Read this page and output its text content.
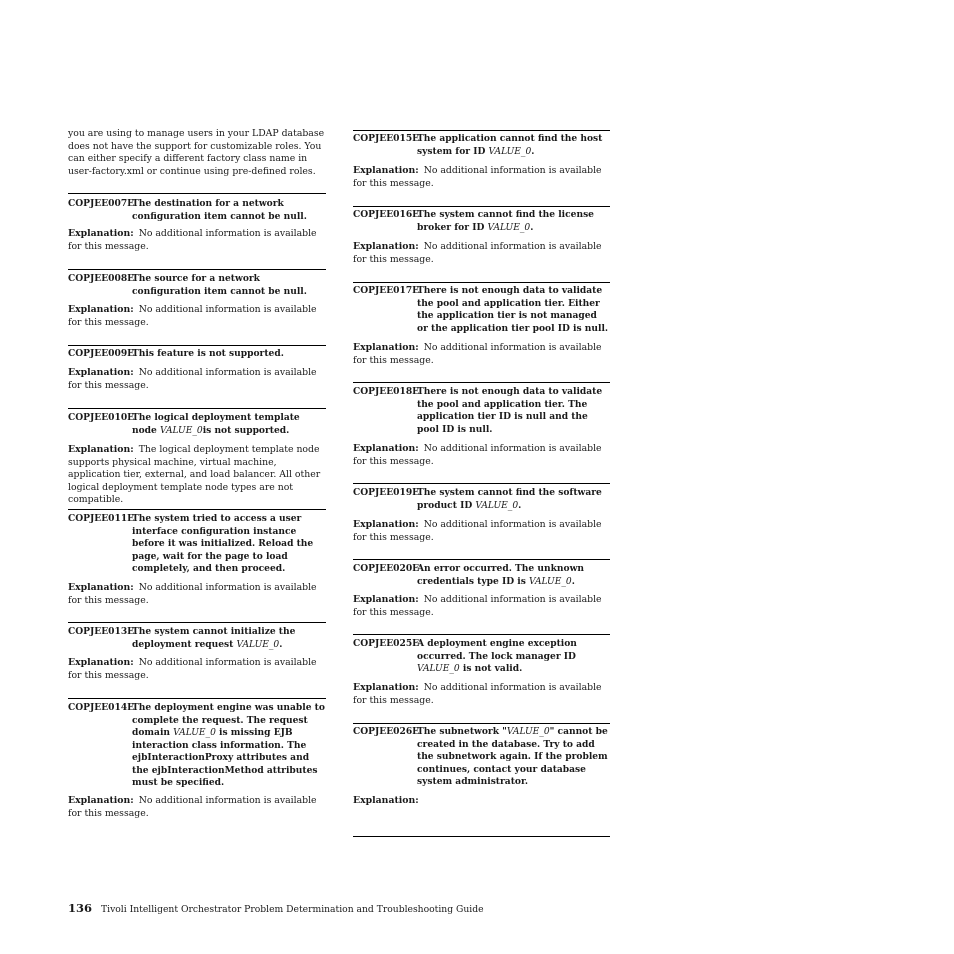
you are using to manage users in your LDAP database does not have the support for customizable roles. You can either specify a different factory class name in user-factory.xml or continue using pre-defined roles.

COPJEE007E
The destination for a network configuration item cannot be null.
Explanation: No additional information is available for this message.
COPJEE008E
The source for a network configuration item cannot be null.
Explanation: No additional information is available for this message.
COPJEE009E
This feature is not supported.
Explanation: No additional information is available for this message.
COPJEE010E
The logical deployment template node VALUE_0is not supported.
Explanation: The logical deployment template node supports physical machine, virtual machine, application tier, external, and load balancer. All other logical deployment template node types are not compatible.
COPJEE011E
The system tried to access a user interface configuration instance before it was initialized. Reload the page, wait for the page to load completely, and then proceed.
Explanation: No additional information is available for this message.
COPJEE013E
The system cannot initialize the deployment request VALUE_0.
Explanation: No additional information is available for this message.
COPJEE014E
The deployment engine was unable to complete the request. The request domain VALUE_0 is missing EJB interaction class information. The ejbInteractionProxy attributes and the ejbInteractionMethod attributes must be specified.
Explanation: No additional information is available for this message.
COPJEE015E
The application cannot find the host system for ID VALUE_0.
Explanation: No additional information is available for this message.
COPJEE016E
The system cannot find the license broker for ID VALUE_0.
Explanation: No additional information is available for this message.
COPJEE017E
There is not enough data to validate the pool and application tier. Either the application tier is not managed or the application tier pool ID is null.
Explanation: No additional information is available for this message.
COPJEE018E
There is not enough data to validate the pool and application tier. The application tier ID is null and the pool ID is null.
Explanation: No additional information is available for this message.
COPJEE019E
The system cannot find the software product ID VALUE_0.
Explanation: No additional information is available for this message.
COPJEE020E
An error occurred. The unknown credentials type ID is VALUE_0.
Explanation: No additional information is available for this message.
COPJEE025E
A deployment engine exception occurred. The lock manager ID VALUE_0 is not valid.
Explanation: No additional information is available for this message.
COPJEE026E
The subnetwork "VALUE_0" cannot be created in the database. Try to add the subnetwork again. If the problem continues, contact your database system administrator.
Explanation:
136 Tivoli Intelligent Orchestrator Problem Determination and Troubleshooting Guide
